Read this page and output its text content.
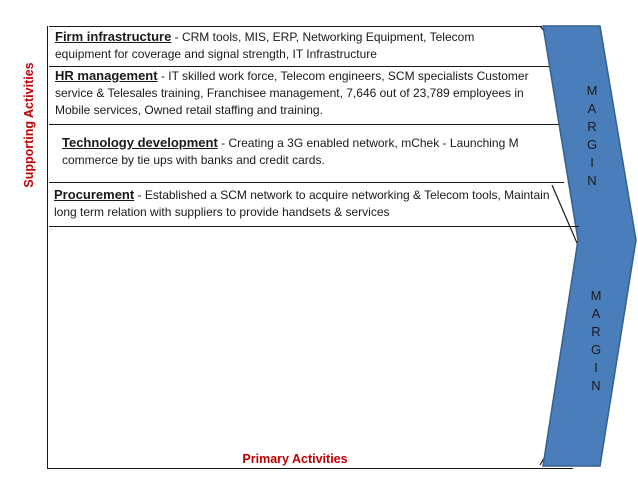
Supporting Activities
Firm infrastructure - CRM tools, MIS, ERP, Networking Equipment, Telecom equipment for coverage and signal strength, IT Infrastructure
HR management - IT skilled work force, Telecom engineers, SCM specialists Customer service & Telesales training, Franchisee management, 7,646 out of 23,789 employees in Mobile services, Owned retail staffing and training.
Technology development - Creating a 3G enabled network, mChek - Launching M commerce by tie ups with banks and credit cards.
Procurement - Established a SCM network to acquire networking & Telecom tools, Maintain long term relation with suppliers to provide handsets & services
M
A
R
G
I
N
M
A
R
G
I
N
Primary Activities
